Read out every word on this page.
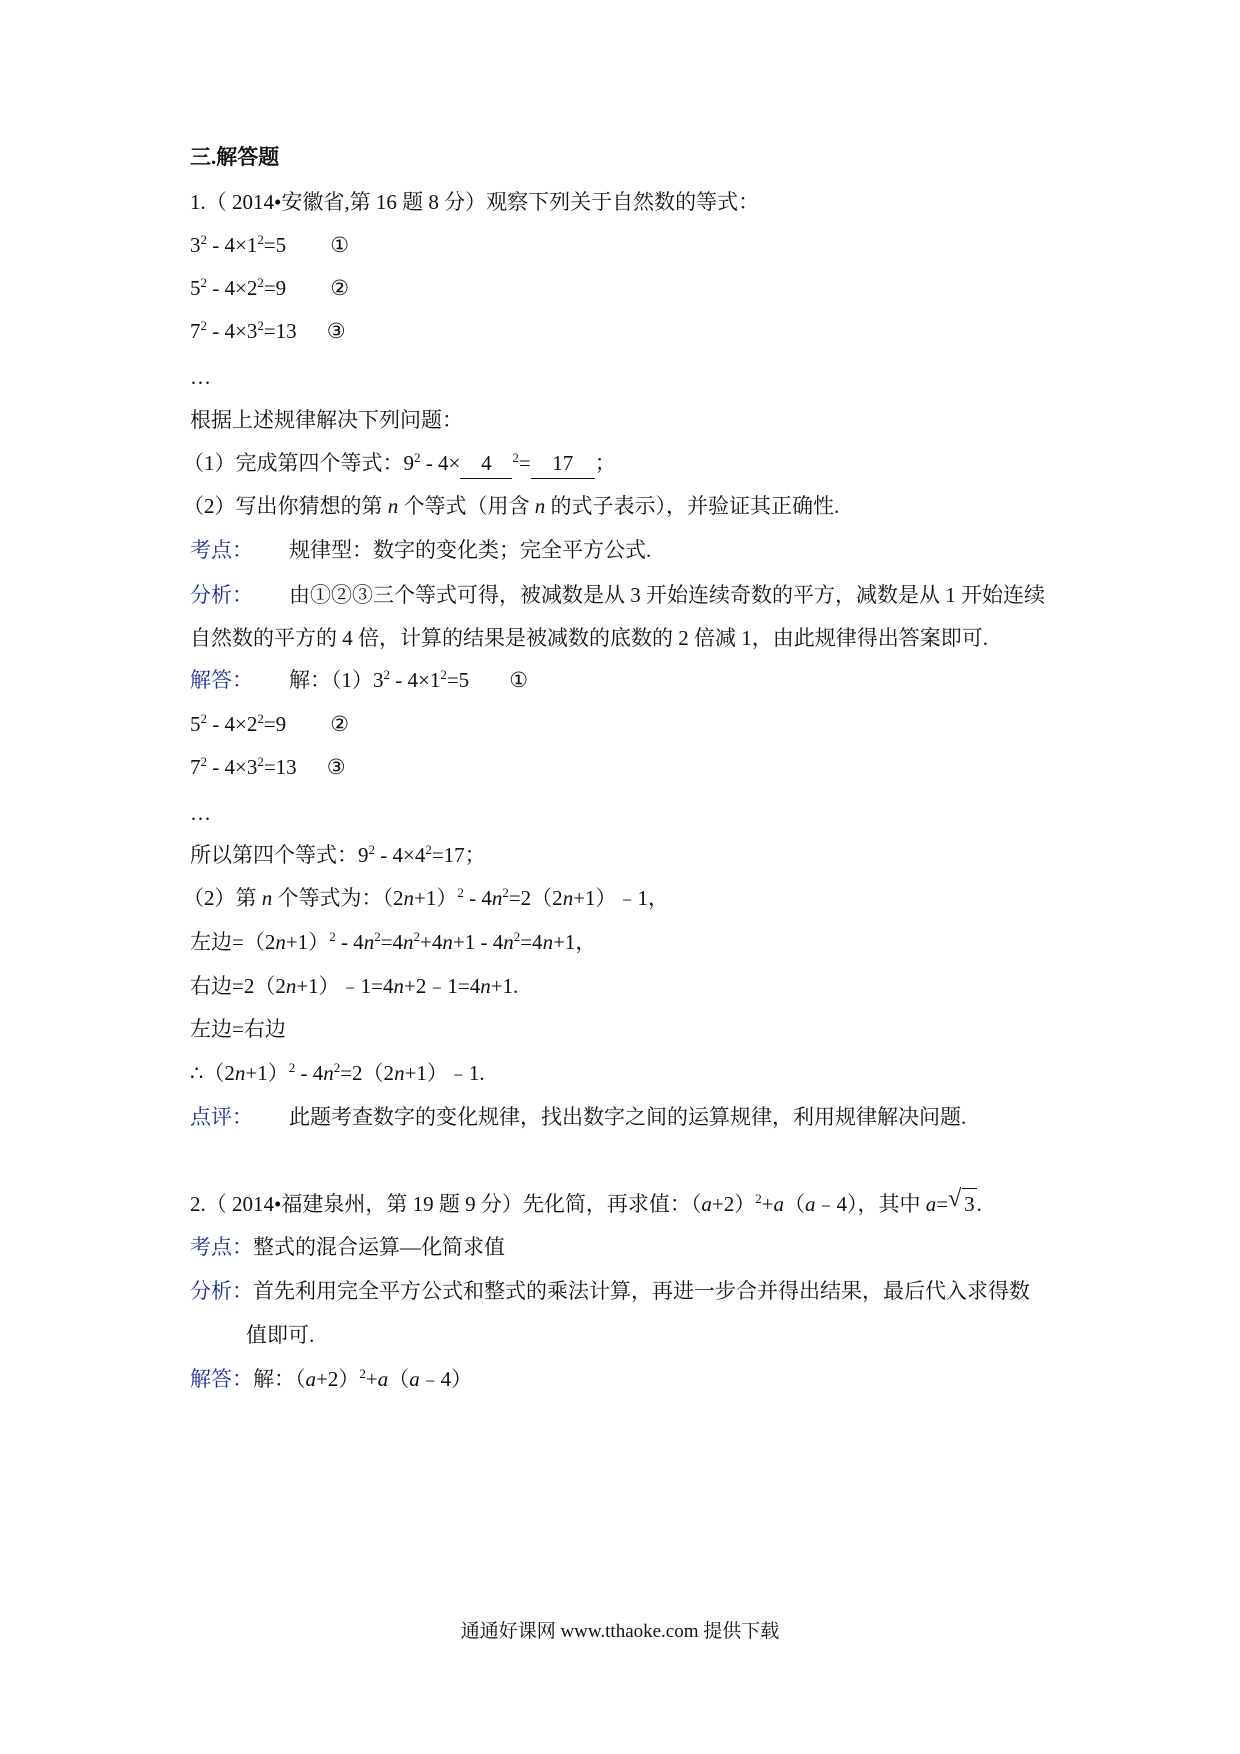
三.解答题
1.（ 2014•安徽省,第 16 题 8 分）观察下列关于自然数的等式：
$3^2 - 4\times 1^2=5$ ①
$5^2 - 4\times 2^2=9$ ②
$7^2 - 4\times 3^2=13$ ③
…
根据上述规律解决下列问题：
（1）完成第四个等式：$9^2 - 4\times 4$ $^2$= 17 ；
（2）写出你猜想的第 n 个等式（用含 n 的式子表示），并验证其正确性.
考点： 规律型：数字的变化类；完全平方公式.
分析： 由①②③三个等式可得，被减数是从 3 开始连续奇数的平方，减数是从 1 开始连续
自然数的平方的 4 倍，计算的结果是被减数的底数的 2 倍减 1，由此规律得出答案即可.
解答： 解：$(1)3^2 - 4\times 1^2=5$ ①
$5^2 - 4\times 2^2=9$ ②
$7^2 - 4\times 3^2=13$ ③
…
所以第四个等式：$9^2 - 4\times 4^2=17$；
（2）第 n 个等式为：$(2n+1)^2$ - $4n^2=2(2n+1)﹣1$，
左边$=(2n+1)^2 - 4n^2=4n^2+4n+1 - 4n^2=4n+1$，
右边=2（2n+1）﹣1=4n+2﹣1=4n+1.
左边=右边
$\therefore(2n+1)^2$ - $4n^2=2(2n+1)﹣1$.
点评： 此题考查数字的变化规律，找出数字之间的运算规律，利用规律解决问题.
2.（ 2014•福建泉州，第 19 题 9 分）先化简，再求值：$(a+2)^2+a(a﹣4)$，其中 a= √ 3.
考点：整式的混合运算—化简求值
分析：首先利用完全平方公式和整式的乘法计算，再进一步合并得出结果，最后代入求得数
值即可.
解答：解：$(a+2)^2+a(a﹣4)$
通通好课网 www.tthaoke.com 提供下载
